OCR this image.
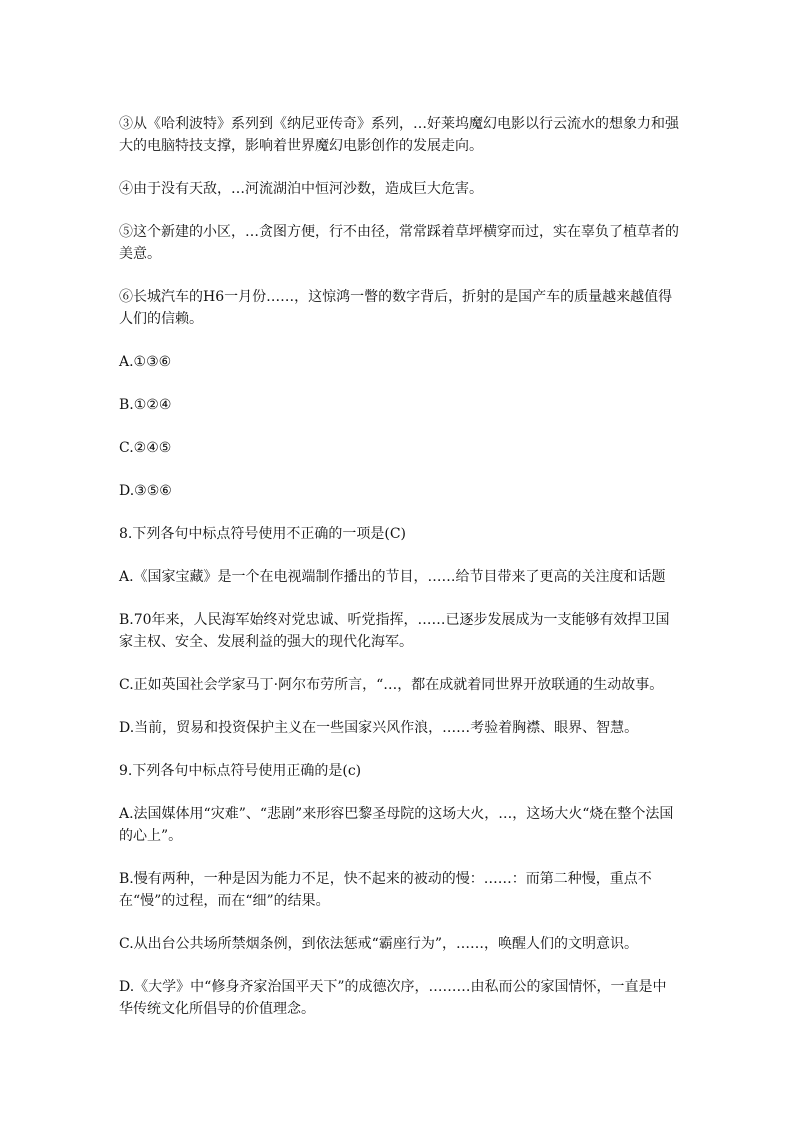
③从《哈利波特》系列到《纳尼亚传奇》系列，…好莱坞魔幻电影以行云流水的想象力和强大的电脑特技支撑，影响着世界魔幻电影创作的发展走向。

④由于没有天敌，…河流湖泊中恒河沙数，造成巨大危害。

⑤这个新建的小区，…贪图方便，行不由径，常常踩着草坪横穿而过，实在辜负了植草者的美意。

⑥长城汽车的H6一月份……，这惊鸿一瞥的数字背后，折射的是国产车的质量越来越值得人们的信赖。

A.①③⑥

B.①②④

C.②④⑤

D.③⑤⑥

8.下列各句中标点符号使用不正确的一项是(C)

A.《国家宝藏》是一个在电视端制作播出的节目，……给节目带来了更高的关注度和话题

B.70年来，人民海军始终对党忠诚、听党指挥，……已逐步发展成为一支能够有效捍卫国家主权、安全、发展利益的强大的现代化海军。

C.正如英国社会学家马丁·阿尔布劳所言，“…，都在成就着同世界开放联通的生动故事。

D.当前，贸易和投资保护主义在一些国家兴风作浪，……考验着胸襟、眼界、智慧。

9.下列各句中标点符号使用正确的是(c)

A.法国媒体用“灾难”、“悲剧”来形容巴黎圣母院的这场大火，…，这场大火“烧在整个法国的心上”。

B.慢有两种，一种是因为能力不足，快不起来的被动的慢：……：而第二种慢，重点不在“慢”的过程，而在“细”的结果。

C.从出台公共场所禁烟条例，到依法惩戒“霸座行为”，……，唤醒人们的文明意识。

D.《大学》中“修身齐家治国平天下”的成德次序，………由私而公的家国情怀，一直是中华传统文化所倡导的价值理念。
